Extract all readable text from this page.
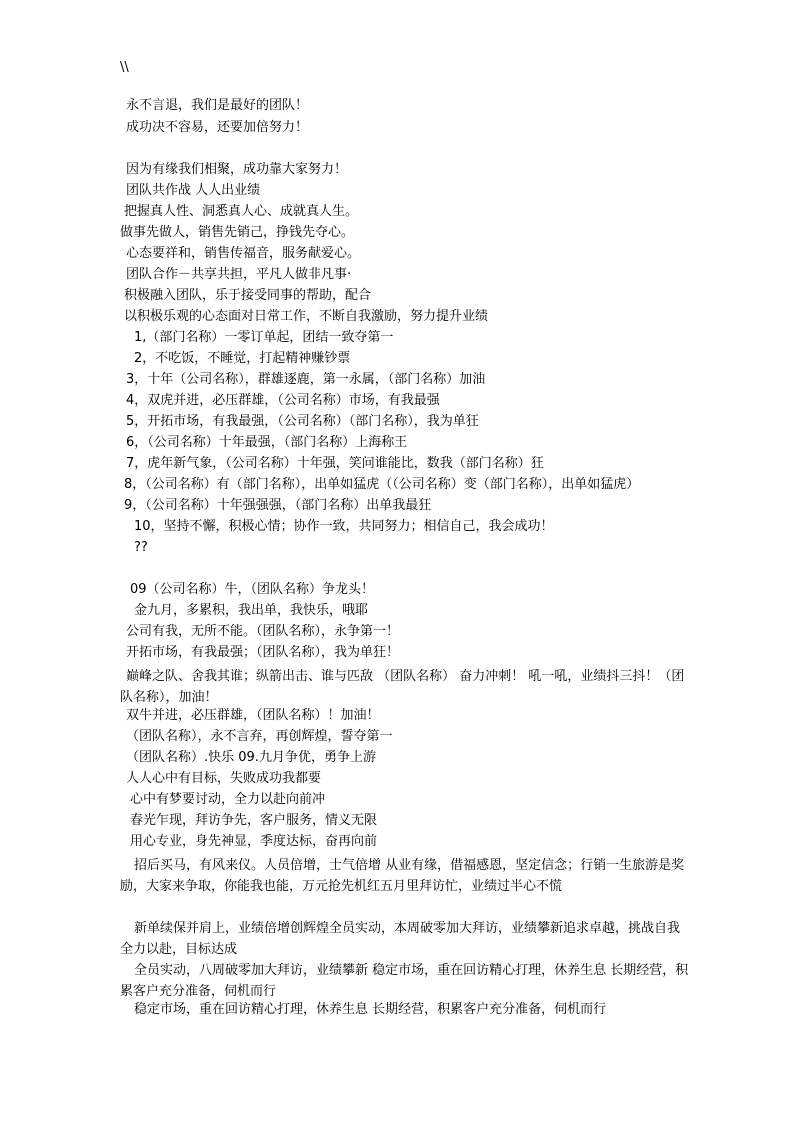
\\
永不言退，我们是最好的团队！
成功决不容易，还要加倍努力！
因为有缘我们相聚，成功靠大家努力！
团队共作战 人人出业绩
把握真人性、洞悉真人心、成就真人生。
做事先做人，销售先销己，挣钱先夺心。
心态要祥和，销售传福音，服务献爱心。
团队合作－共享共担，平凡人做非凡事·
积极融入团队，乐于接受同事的帮助，配合
以积极乐观的心态面对日常工作，不断自我激励，努力提升业绩
1,（部门名称）一零订单起，团结一致夺第一
2，不吃饭，不睡觉，打起精神赚钞票
3，十年（公司名称），群雄逐鹿，第一永属，（部门名称）加油
4，双虎并进，必压群雄，（公司名称）市场，有我最强
5，开拓市场，有我最强，（公司名称）（部门名称），我为单狂
6，（公司名称）十年最强，（部门名称）上海称王
7，虎年新气象，（公司名称）十年强，笑问谁能比，数我（部门名称）狂
8，（公司名称）有（部门名称），出单如猛虎（（公司名称）变（部门名称），出单如猛虎）
9，（公司名称）十年强强强，（部门名称）出单我最狂
10，坚持不懈，积极心情；协作一致，共同努力；相信自己，我会成功！
??
09（公司名称）牛，（团队名称）争龙头！
金九月，多累积，我出单，我快乐，哦耶
公司有我，无所不能。（团队名称），永争第一！
开拓市场，有我最强；（团队名称），我为单狂！
巅峰之队、舍我其谁；纵箭出击、谁与匹敌 （团队名称） 奋力冲刺！ 吼一吼，业绩抖三抖！（团队名称），加油！
双牛并进，必压群雄，（团队名称）！加油！
（团队名称），永不言弃，再创辉煌，誓夺第一
（团队名称）.快乐 09.九月争优，勇争上游
人人心中有目标，失败成功我都要
心中有梦要讨动，全力以赴向前冲
春光乍现，拜访争先，客户服务，情义无限
用心专业，身先神显，季度达标，奋再向前
招后买马，有风来仪。人员倍增，士气倍增 从业有缘，借福感恩，坚定信念；行销一生旅游是奖励，大家来争取，你能我也能，万元抢先机红五月里拜访忙，业绩过半心不慌
新单续保并肩上，业绩倍增创辉煌全员实动，本周破零加大拜访，业绩攀新追求卓越，挑战自我全力以赴，目标达成
全员实动，八周破零加大拜访，业绩攀新 稳定市场，重在回访精心打理，休养生息 长期经营，积累客户充分准备，伺机而行
稳定市场，重在回访精心打理，休养生息 长期经营，积累客户充分准备，伺机而行
